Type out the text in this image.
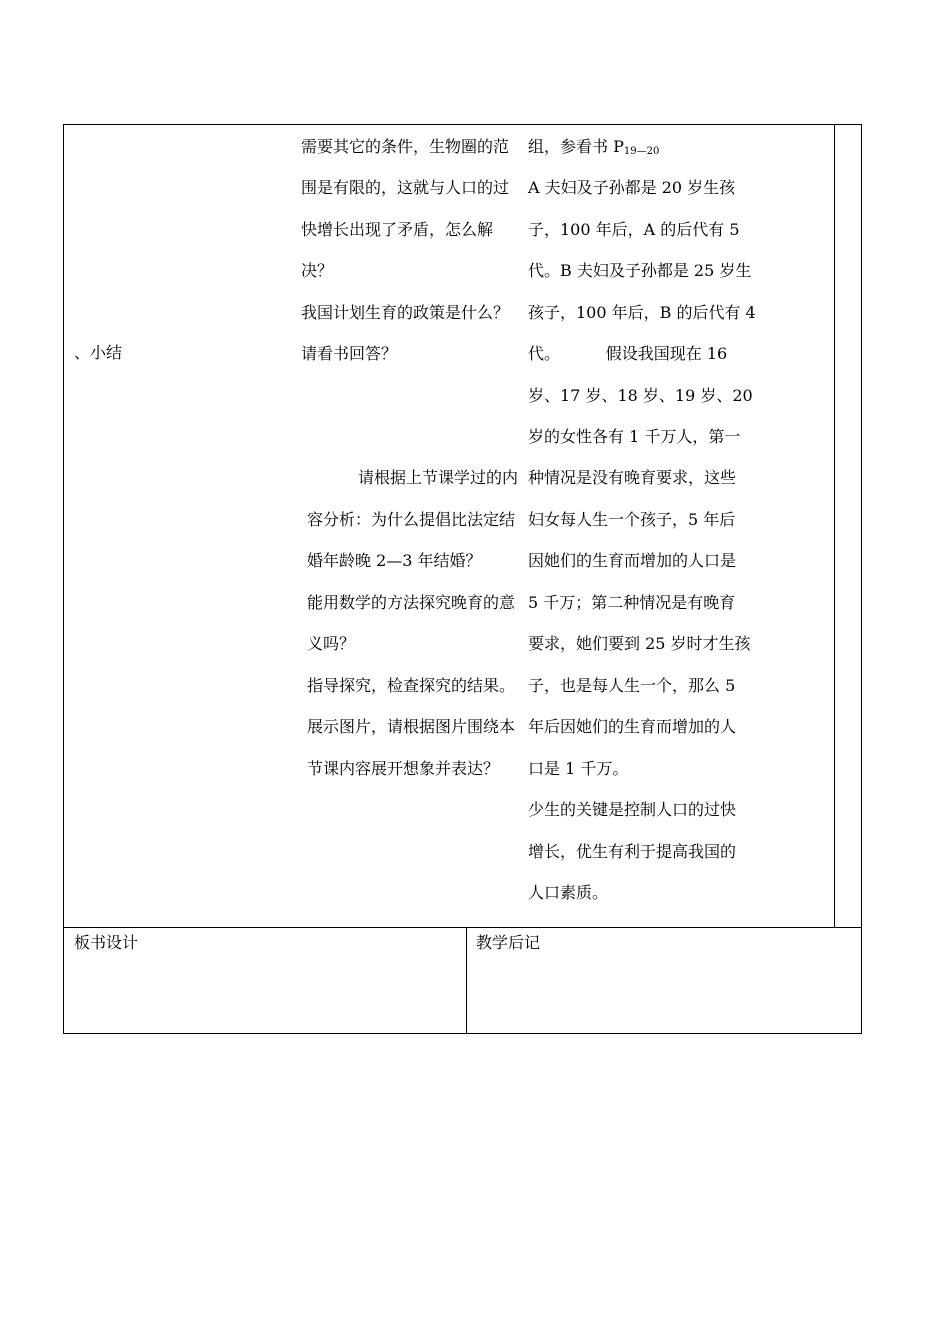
、小结
板书设计	教学后记
需要其它的条件，生物圈的范
围是有限的，这就与人口的过
快增长出现了矛盾，怎么解
决？
我国计划生育的政策是什么？
请看书回答？
请根据上节课学过的内
容分析：为什么提倡比法定结
婚年龄晚 2—3 年结婚？
能用数学的方法探究晚育的意
义吗？
指导探究，检查探究的结果。
展示图片，请根据图片围绕本
节课内容展开想象并表达？
组，参看书 $P_{19—20}$
A 夫妇及子孙都是 20 岁生孩
子，100 年后，A 的后代有 5
代。B 夫妇及子孙都是 25 岁生
孩子，100 年后，B 的后代有 4
代。         假设我国现在 16
岁、17 岁、18 岁、19 岁、20
岁的女性各有 1 千万人，第一
种情况是没有晚育要求，这些
妇女每人生一个孩子，5 年后
因她们的生育而增加的人口是
5 千万；第二种情况是有晚育
要求，她们要到 25 岁时才生孩
子，也是每人生一个，那么 5
年后因她们的生育而增加的人
口是 1 千万。
少生的关键是控制人口的过快
增长，优生有利于提高我国的
人口素质。
